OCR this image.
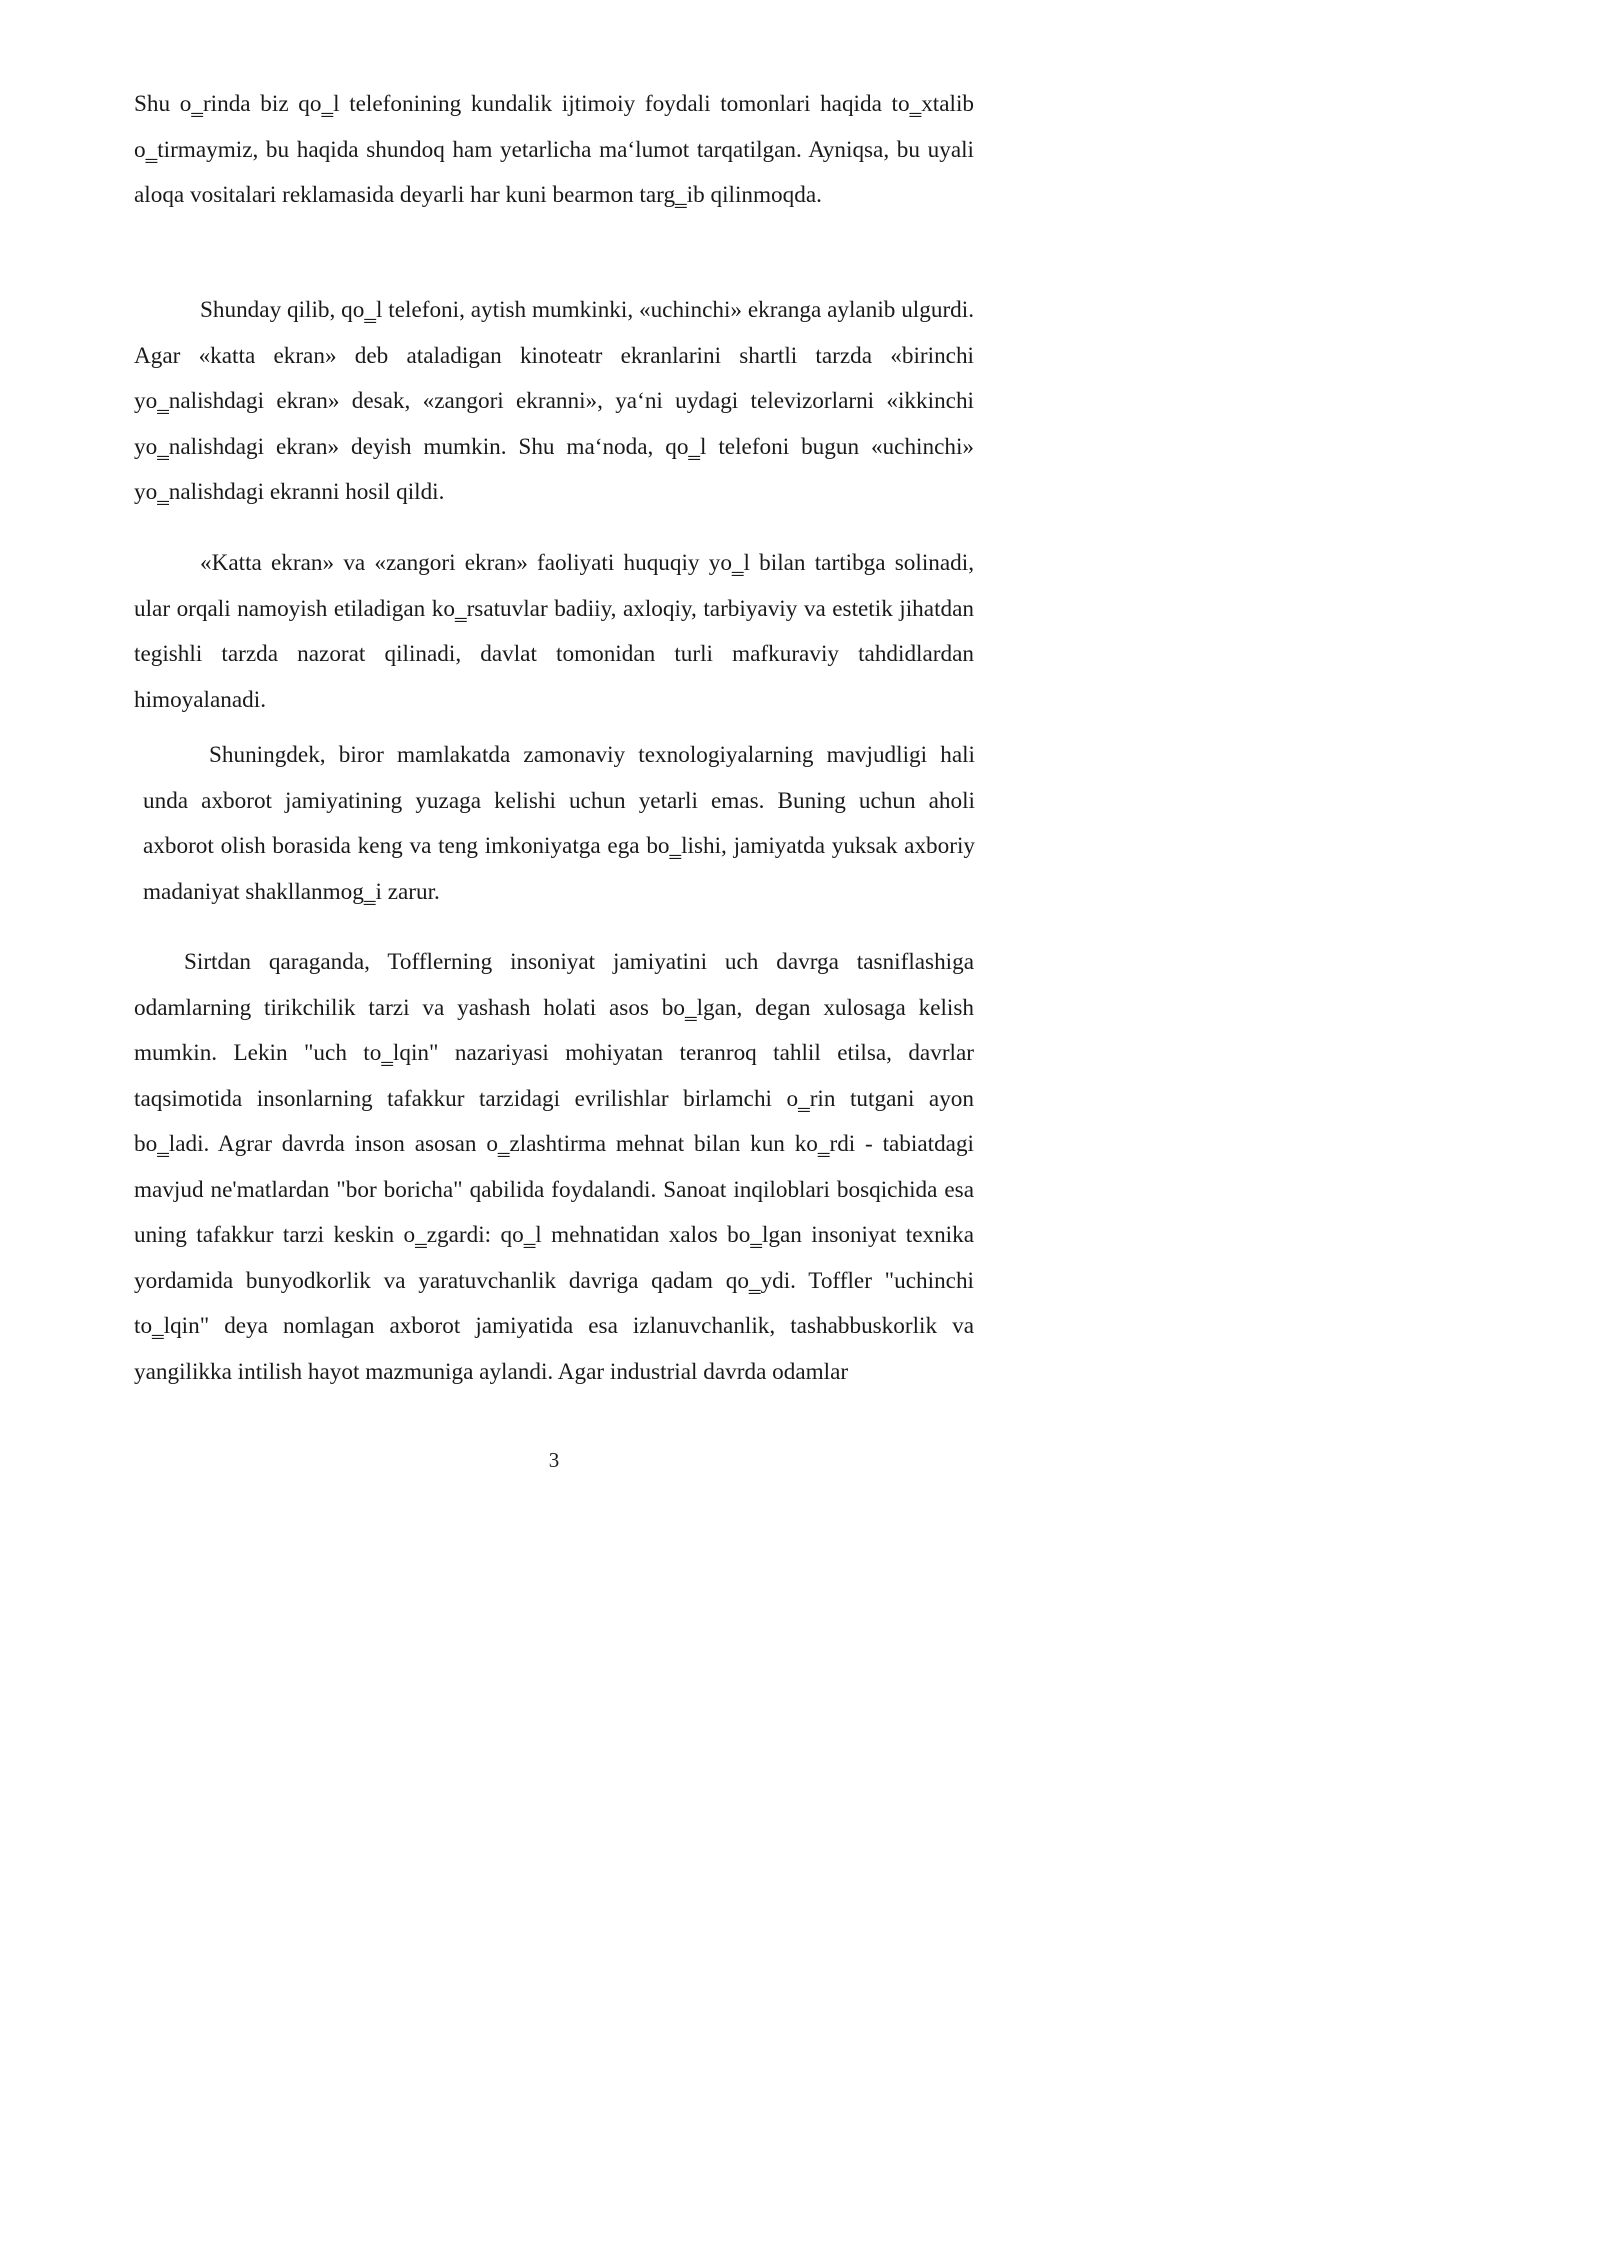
Shu o‗rinda biz qo‗l telefonining kundalik ijtimoiy foydali tomonlari haqida to‗xtalib o‗tirmaymiz, bu haqida shundoq ham yetarlicha ma‘lumot tarqatilgan. Ayniqsa, bu uyali aloqa vositalari reklamasida deyarli har kuni bearmon targ‗ib qilinmoqda.

Shunday qilib, qo‗l telefoni, aytish mumkinki, «uchinchi» ekranga aylanib ulgurdi. Agar «katta ekran» deb ataladigan kinoteatr ekranlarini shartli tarzda «birinchi yo‗nalishdagi ekran» desak, «zangori ekranni», ya‘ni uydagi televizorlarni «ikkinchi yo‗nalishdagi ekran» deyish mumkin. Shu ma‘noda, qo‗l telefoni bugun «uchinchi» yo‗nalishdagi ekranni hosil qildi.

«Katta ekran» va «zangori ekran» faoliyati huquqiy yo‗l bilan tartibga solinadi, ular orqali namoyish etiladigan ko‗rsatuvlar badiiy, axloqiy, tarbiyaviy va estetik jihatdan tegishli tarzda nazorat qilinadi, davlat tomonidan turli mafkuraviy tahdidlardan himoyalanadi.

Shuningdek, biror mamlakatda zamonaviy texnologiyalarning mavjudligi hali unda axborot jamiyatining yuzaga kelishi uchun yetarli emas. Buning uchun aholi axborot olish borasida keng va teng imkoniyatga ega bo‗lishi, jamiyatda yuksak axboriy madaniyat shakllanmog‗i zarur.

Sirtdan qaraganda, Tofflerning insoniyat jamiyatini uch davrga tasniflashiga odamlarning tirikchilik tarzi va yashash holati asos bo‗lgan, degan xulosaga kelish mumkin. Lekin "uch to‗lqin" nazariyasi mohiyatan teranroq tahlil etilsa, davrlar taqsimotida insonlarning tafakkur tarzidagi evrilishlar birlamchi o‗rin tutgani ayon bo‗ladi. Agrar davrda inson asosan o‗zlashtirma mehnat bilan kun ko‗rdi - tabiatdagi mavjud ne'matlardan "bor boricha" qabilida foydalandi. Sanoat inqiloblari bosqichida esa uning tafakkur tarzi keskin o‗zgardi: qo‗l mehnatidan xalos bo‗lgan insoniyat texnika yordamida bunyodkorlik va yaratuvchanlik davriga qadam qo‗ydi. Toffler "uchinchi to‗lqin" deya nomlagan axborot jamiyatida esa izlanuvchanlik, tashabbuskorlik va yangilikka intilish hayot mazmuniga aylandi. Agar industrial davrda odamlar

3
